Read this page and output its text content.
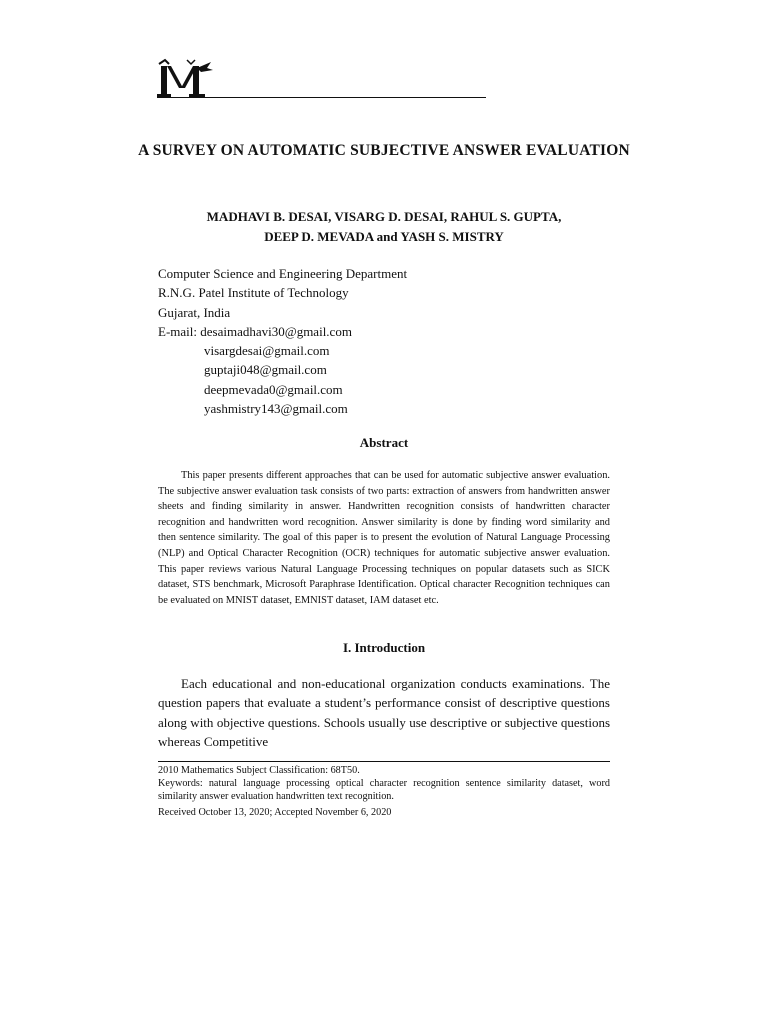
A SURVEY ON AUTOMATIC SUBJECTIVE ANSWER EVALUATION
MADHAVI B. DESAI, VISARG D. DESAI, RAHUL S. GUPTA,
DEEP D. MEVADA and YASH S. MISTRY
Computer Science and Engineering Department
R.N.G. Patel Institute of Technology
Gujarat, India
E-mail: desaimadhavi30@gmail.com
visargdesai@gmail.com
guptaji048@gmail.com
deepmevada0@gmail.com
yashmistry143@gmail.com
Abstract

This paper presents different approaches that can be used for automatic subjective answer evaluation. The subjective answer evaluation task consists of two parts: extraction of answers from handwritten answer sheets and finding similarity in answer. Handwritten recognition consists of handwritten character recognition and handwritten word recognition. Answer similarity is done by finding word similarity and then sentence similarity. The goal of this paper is to present the evolution of Natural Language Processing (NLP) and Optical Character Recognition (OCR) techniques for automatic subjective answer evaluation. This paper reviews various Natural Language Processing techniques on popular datasets such as SICK dataset, STS benchmark, Microsoft Paraphrase Identification. Optical character Recognition techniques can be evaluated on MNIST dataset, EMNIST dataset, IAM dataset etc.

I. Introduction

Each educational and non-educational organization conducts examinations. The question papers that evaluate a student’s performance consist of descriptive questions along with objective questions. Schools usually use descriptive or subjective questions whereas Competitive

2010 Mathematics Subject Classification: 68T50.
Keywords: natural language processing optical character recognition sentence similarity dataset, word similarity answer evaluation handwritten text recognition.
Received October 13, 2020; Accepted November 6, 2020
